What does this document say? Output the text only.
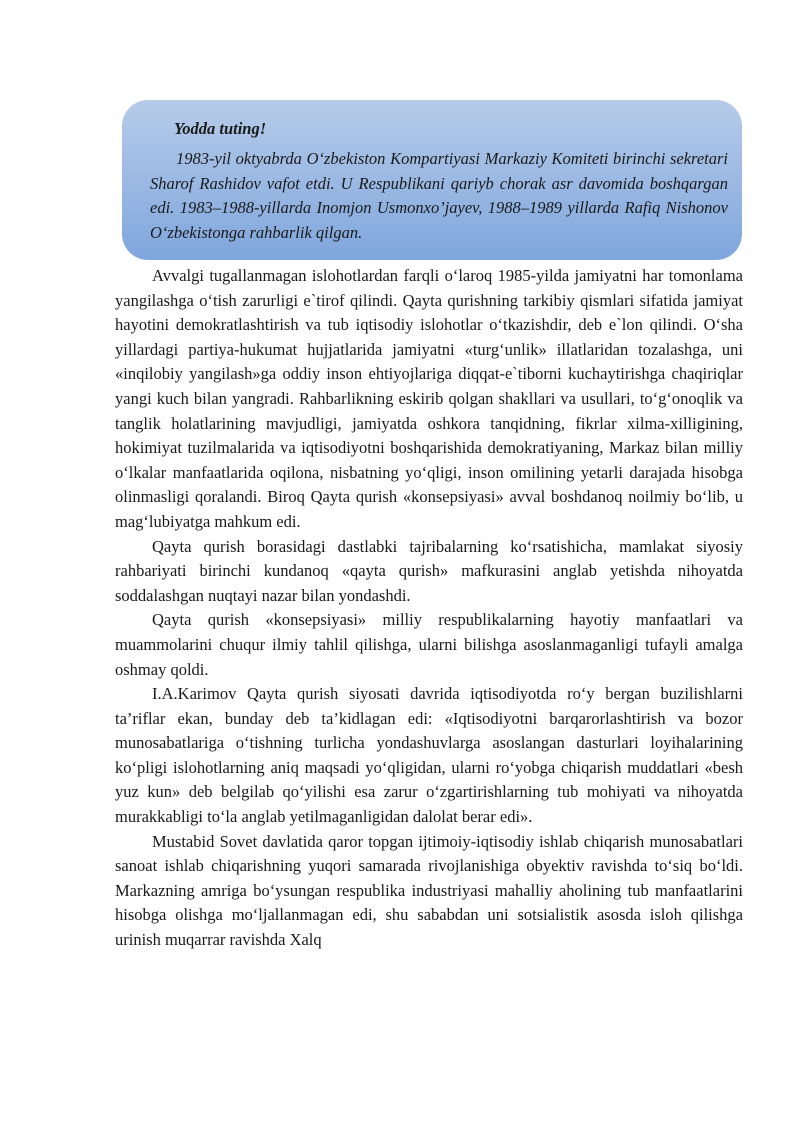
Yodda tuting!

1983-yil oktyabrda O‘zbekiston Kompartiyasi Markaziy Komiteti birinchi sekretari Sharof Rashidov vafot etdi. U Respublikani qariyb chorak asr davomida boshqargan edi. 1983–1988-yillarda Inomjon Usmonxo’jayev, 1988–1989 yillarda Rafiq Nishonov O‘zbekistonga rahbarlik qilgan.

Avvalgi tugallanmagan islohotlardan farqli o‘laroq 1985-yilda jamiyatni har tomonlama yangilashga o‘tish zarurligi e`tirof qilindi. Qayta qurishning tarkibiy qismlari sifatida jamiyat hayotini demokratlashtirish va tub iqtisodiy islohotlar o‘tkazishdir, deb e`lon qilindi. O‘sha yillardagi partiya-hukumat hujjatlarida jamiyatni «turg‘unlik» illatlaridan tozalashga, uni «inqilobiy yangilash»ga oddiy inson ehtiyojlariga diqqat-e`tiborni kuchaytirishga chaqiriqlar yangi kuch bilan yangradi. Rahbarlikning eskirib qolgan shakllari va usullari, to‘g‘onoqlik va tanglik holatlarining mavjudligi, jamiyatda oshkora tanqidning, fikrlar xilma-xilligining, hokimiyat tuzilmalarida va iqtisodiyotni boshqarishida demokratiyaning, Markaz bilan milliy o‘lkalar manfaatlarida oqilona, nisbatning yo‘qligi, inson omilining yetarli darajada hisobga olinmasligi qoralandi. Biroq Qayta qurish «konsepsiyasi» avval boshdanoq noilmiy bo‘lib, u mag‘lubiyatga mahkum edi.

Qayta qurish borasidagi dastlabki tajribalarning ko‘rsatishicha, mamlakat siyosiy rahbariyati birinchi kundanoq «qayta qurish» mafkurasini anglab yetishda nihoyatda soddalashgan nuqtayi nazar bilan yondashdi.

Qayta qurish «konsepsiyasi» milliy respublikalarning hayotiy manfaatlari va muammolarini chuqur ilmiy tahlil qilishga, ularni bilishga asoslanmaganligi tufayli amalga oshmay qoldi.

I.A.Karimov Qayta qurish siyosati davrida iqtisodiyotda ro‘y bergan buzilishlarni ta’riflar ekan, bunday deb ta’kidlagan edi: «Iqtisodiyotni barqarorlashtirish va bozor munosabatlariga o‘tishning turlicha yondashuvlarga asoslangan dasturlari loyihalarining ko‘pligi islohotlarning aniq maqsadi yo‘qligidan, ularni ro‘yobga chiqarish muddatlari «besh yuz kun» deb belgilab qo‘yilishi esa zarur o‘zgartirishlarning tub mohiyati va nihoyatda murakkabligi to‘la anglab yetilmaganligidan dalolat berar edi».

Mustabid Sovet davlatida qaror topgan ijtimoiy-iqtisodiy ishlab chiqarish munosabatlari sanoat ishlab chiqarishning yuqori samarada rivojlanishiga obyektiv ravishda to‘siq bo‘ldi. Markazning amriga bo‘ysungan respublika industriyasi mahalliy aholining tub manfaatlarini hisobga olishga mo‘ljallanmagan edi, shu sababdan uni sotsialistik asosda isloh qilishga urinish muqarrar ravishda Xalq
